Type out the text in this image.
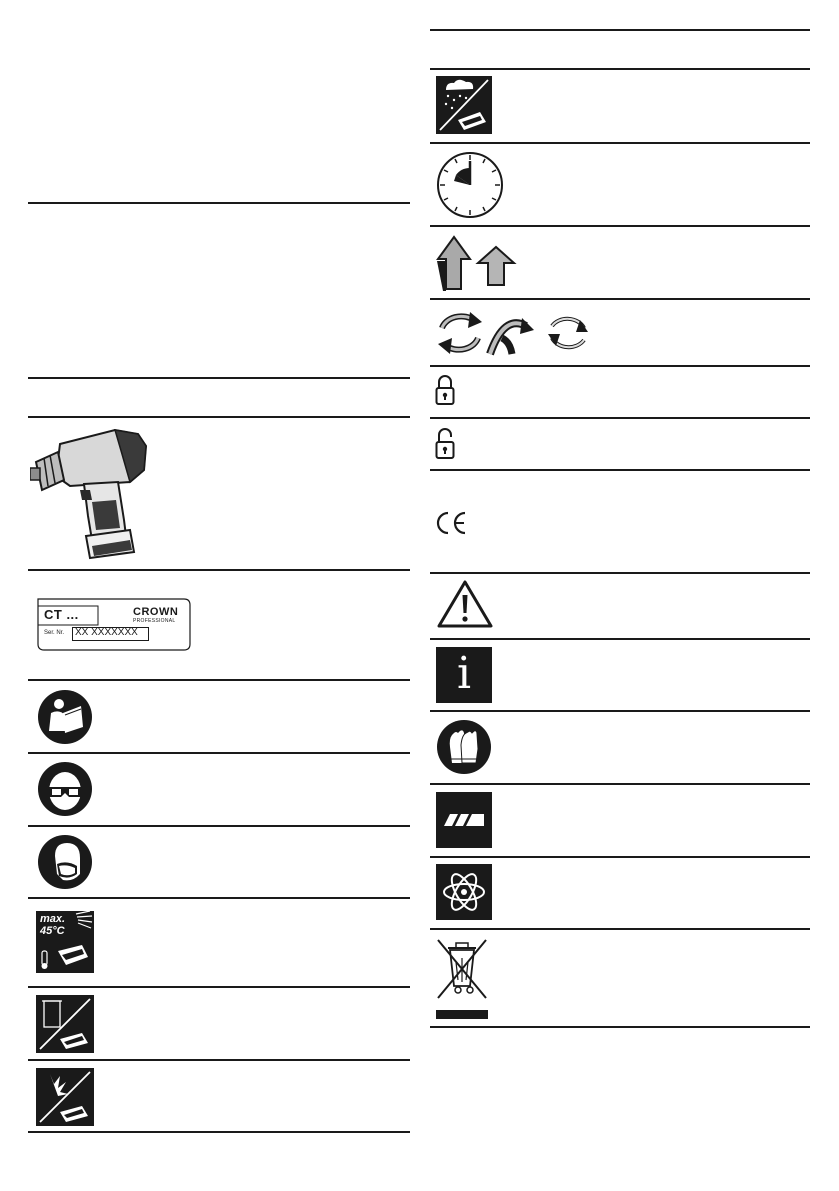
CT ...	CROWN
PROFESSIONAL
Ser. Nr. XX XXXXXXX
max.
45°C
i
